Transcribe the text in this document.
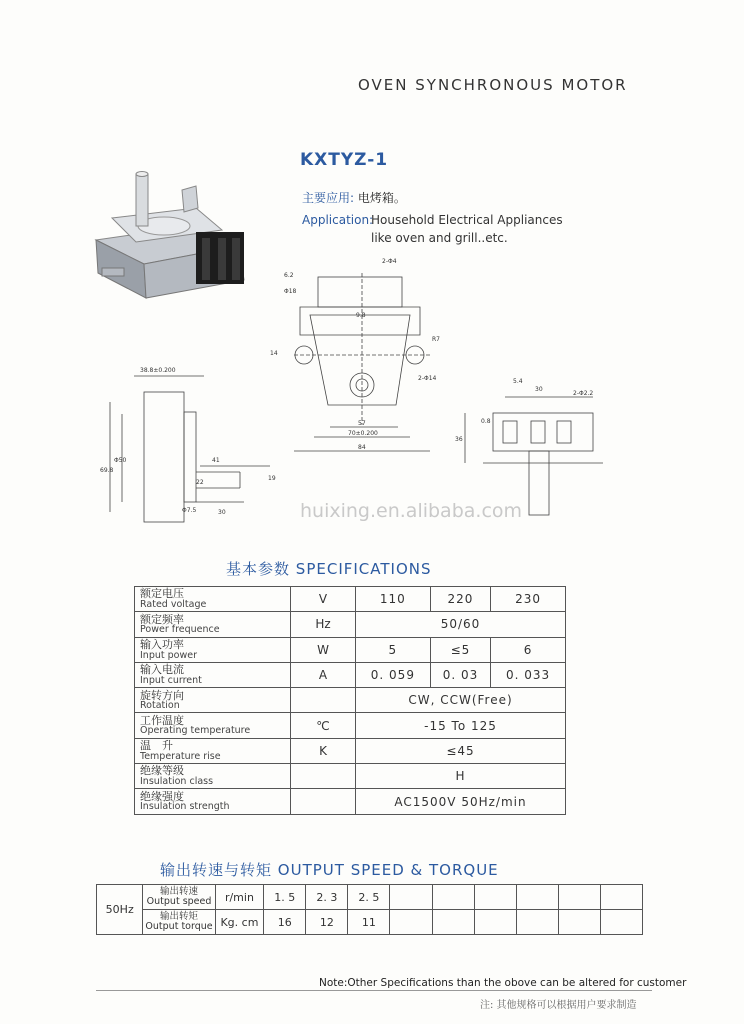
OVEN SYNCHRONOUS MOTOR
KXTYZ-1
主要应用: 电烤箱。
Application:
Household Electrical Appliances
like oven and grill..etc.
2-Φ4
6.2
Φ18
9.8
R7
14
2-Φ14
57
70±0.200
84
38.8±0.200
Φ50
69.8
41
22
Φ7.5	30
19
5.4
30
2-Φ2.2
0.8
36
huixing.en.alibaba.com
基本参数 SPECIFICATIONS
额定电压
Rated voltage	V	110	220	230

额定频率
Power frequence	Hz	50/60		

输入功率
Input power	W	5	≤5	6

输入电流
Input current	A	0. 059	0. 03	0. 033

旋转方向
Rotation		CW, CCW(Free)		

工作温度
Operating temperature	℃	-15 To 125		

温　升
Temperature rise	K	≤45		

绝缘等级
Insulation class		H		

绝缘强度
Insulation strength		AC1500V 50Hz/min		
输出转速与转矩 OUTPUT SPEED & TORQUE
50Hz	输出转速
Output speed	r/min	1. 5	2. 3	2. 5						

	输出转矩
Output torque	Kg. cm	16	12	11						
Note:Other Specifications than the obove can be altered for customer
注: 其他规格可以根据用户要求制造
